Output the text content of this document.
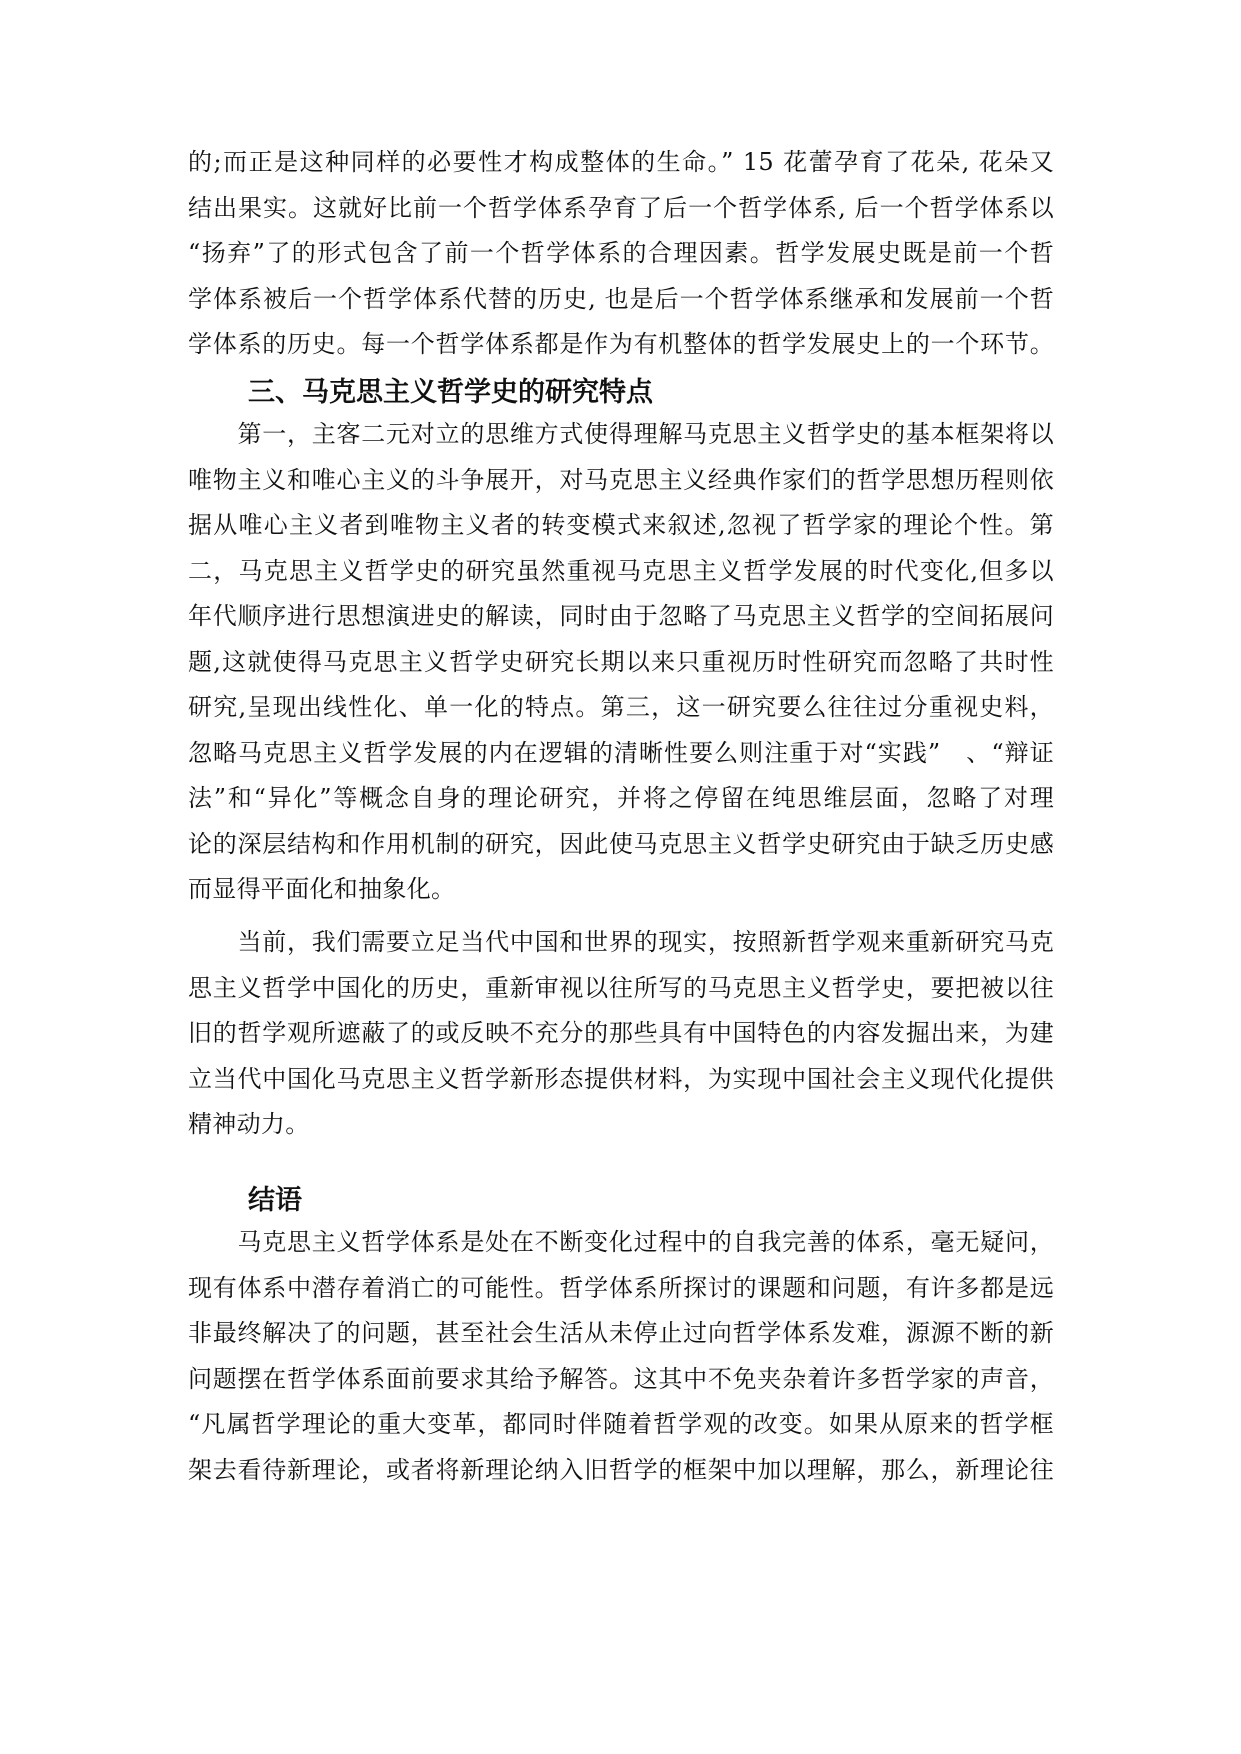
的;而正是这种同样的必要性才构成整体的生命。” 15 花蕾孕育了花朵, 花朵又
结出果实。这就好比前一个哲学体系孕育了后一个哲学体系, 后一个哲学体系以
“扬弃”了的形式包含了前一个哲学体系的合理因素。哲学发展史既是前一个哲
学体系被后一个哲学体系代替的历史, 也是后一个哲学体系继承和发展前一个哲
学体系的历史。每一个哲学体系都是作为有机整体的哲学发展史上的一个环节。
三、马克思主义哲学史的研究特点
　　第一，主客二元对立的思维方式使得理解马克思主义哲学史的基本框架将以
唯物主义和唯心主义的斗争展开，对马克思主义经典作家们的哲学思想历程则依
据从唯心主义者到唯物主义者的转变模式来叙述,忽视了哲学家的理论个性。第
二，马克思主义哲学史的研究虽然重视马克思主义哲学发展的时代变化,但多以
年代顺序进行思想演进史的解读，同时由于忽略了马克思主义哲学的空间拓展问
题,这就使得马克思主义哲学史研究长期以来只重视历时性研究而忽略了共时性
研究,呈现出线性化、单一化的特点。第三，这一研究要么往往过分重视史料，
忽略马克思主义哲学发展的内在逻辑的清晰性要么则注重于对“实践”　、“辩证
法”和“异化”等概念自身的理论研究，并将之停留在纯思维层面，忽略了对理
论的深层结构和作用机制的研究，因此使马克思主义哲学史研究由于缺乏历史感
而显得平面化和抽象化。
　　当前，我们需要立足当代中国和世界的现实，按照新哲学观来重新研究马克
思主义哲学中国化的历史，重新审视以往所写的马克思主义哲学史，要把被以往
旧的哲学观所遮蔽了的或反映不充分的那些具有中国特色的内容发掘出来，为建
立当代中国化马克思主义哲学新形态提供材料，为实现中国社会主义现代化提供
精神动力。
结语
　　马克思主义哲学体系是处在不断变化过程中的自我完善的体系，毫无疑问，
现有体系中潜存着消亡的可能性。哲学体系所探讨的课题和问题，有许多都是远
非最终解决了的问题，甚至社会生活从未停止过向哲学体系发难，源源不断的新
问题摆在哲学体系面前要求其给予解答。这其中不免夹杂着许多哲学家的声音，
“凡属哲学理论的重大变革，都同时伴随着哲学观的改变。如果从原来的哲学框
架去看待新理论，或者将新理论纳入旧哲学的框架中加以理解，那么，新理论往
